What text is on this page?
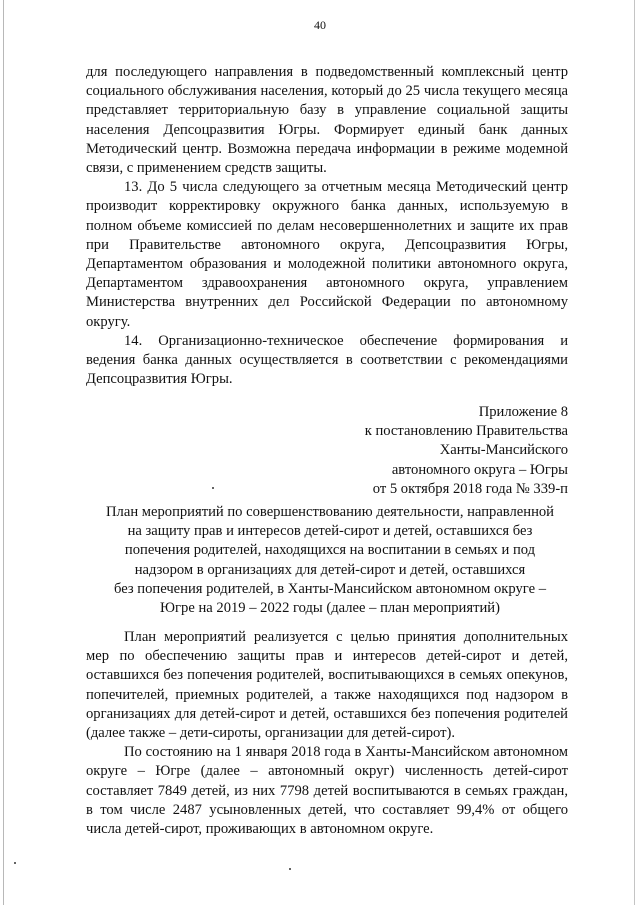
40

для последующего направления в подведомственный комплексный центр социального обслуживания населения, который до 25 числа текущего месяца представляет территориальную базу в управление социальной защиты населения Депсоцразвития Югры. Формирует единый банк данных Методический центр. Возможна передача информации в режиме модемной связи, с применением средств защиты.

13. До 5 числа следующего за отчетным месяца Методический центр производит корректировку окружного банка данных, используемую в полном объеме комиссией по делам несовершеннолетних и защите их прав при Правительстве автономного округа, Депсоцразвития Югры, Департаментом образования и молодежной политики автономного округа, Департаментом здравоохранения автономного округа, управлением Министерства внутренних дел Российской Федерации по автономному округу.

14. Организационно-техническое обеспечение формирования и ведения банка данных осуществляется в соответствии с рекомендациями Депсоцразвития Югры.

Приложение 8
к постановлению Правительства
Ханты-Мансийского
автономного округа – Югры
от 5 октября 2018 года № 339-п
План мероприятий по совершенствованию деятельности, направленной
на защиту прав и интересов детей-сирот и детей, оставшихся без
попечения родителей, находящихся на воспитании в семьях и под
надзором в организациях для детей-сирот и детей, оставшихся
без попечения родителей, в Ханты-Мансийском автономном округе –
Югре на 2019 – 2022 годы (далее – план мероприятий)

План мероприятий реализуется с целью принятия дополнительных мер по обеспечению защиты прав и интересов детей-сирот и детей, оставшихся без попечения родителей, воспитывающихся в семьях опекунов, попечителей, приемных родителей, а также находящихся под надзором в организациях для детей-сирот и детей, оставшихся без попечения родителей (далее также – дети-сироты, организации для детей-сирот).

По состоянию на 1 января 2018 года в Ханты-Мансийском автономном округе – Югре (далее – автономный округ) численность детей-сирот составляет 7849 детей, из них 7798 детей воспитываются в семьях граждан, в том числе 2487 усыновленных детей, что составляет 99,4% от общего числа детей-сирот, проживающих в автономном округе.
